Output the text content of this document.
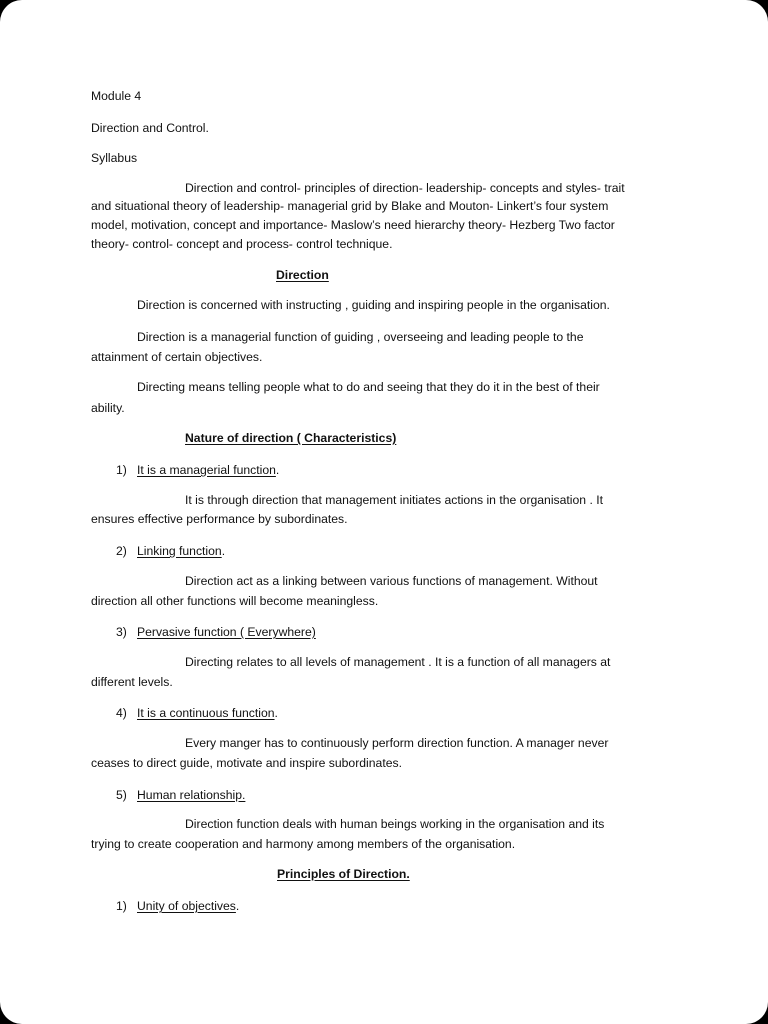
Module 4
Direction and Control.
Syllabus
Direction and control- principles of direction- leadership- concepts and styles- trait
and situational theory of leadership- managerial grid by Blake and Mouton- Linkert’s four system
model, motivation, concept and importance- Maslow’s need hierarchy theory- Hezberg Two factor
theory- control- concept and process- control technique.
Direction
Direction is concerned with instructing , guiding and inspiring people in the organisation.
Direction is a managerial function of guiding , overseeing and leading people to the
attainment of certain objectives.
Directing means telling people what to do and seeing that they do it in the best of their
ability.
Nature of direction ( Characteristics)
1) It is a managerial function.
It is through direction that management initiates actions in the organisation . It
ensures effective performance by subordinates.
2) Linking function.
Direction act as a linking between various functions of management. Without
direction all other functions will become meaningless.
3) Pervasive function ( Everywhere)
Directing relates to all levels of management . It is a function of all managers at
different levels.
4) It is a continuous function.
Every manger has to continuously perform direction function. A manager never
ceases to direct guide, motivate and inspire subordinates.
5) Human relationship.
Direction function deals with human beings working in the organisation and its
trying to create cooperation and harmony among members of the organisation.
Principles of Direction.
1) Unity of objectives.
